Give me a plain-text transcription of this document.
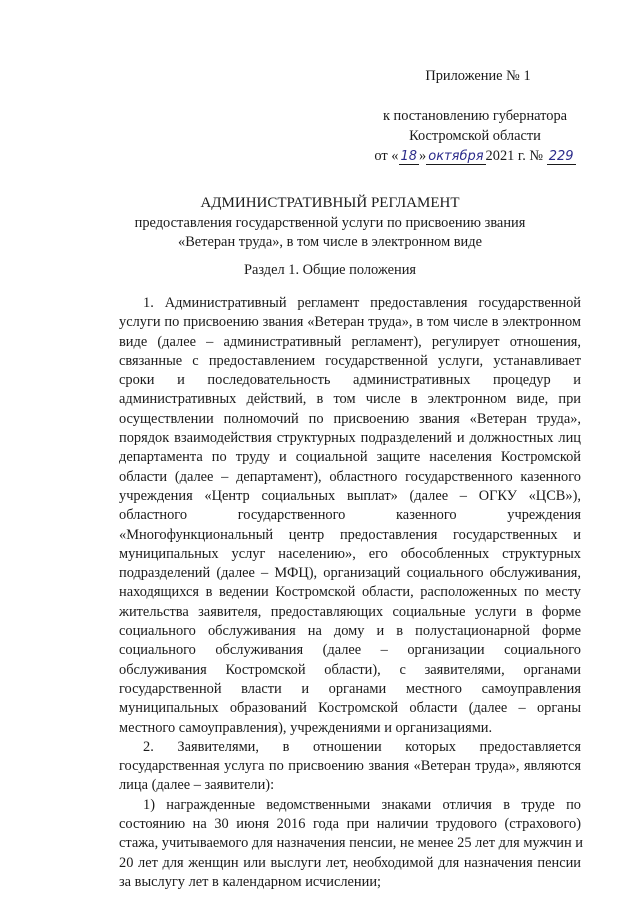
Приложение № 1
к постановлению губернатора
Костромской области
от « 18 » октября 2021 г. № 229
АДМИНИСТРАТИВНЫЙ РЕГЛАМЕНТ
предоставления государственной услуги по присвоению звания
«Ветеран труда», в том числе в электронном виде
Раздел 1. Общие положения
1. Административный регламент предоставления государственной
услуги по присвоению звания «Ветеран труда», в том числе в электронном
виде (далее – административный регламент), регулирует отношения,
связанные с предоставлением государственной услуги, устанавливает
сроки и последовательность административных процедур и
административных действий, в том числе в электронном виде, при
осуществлении полномочий по присвоению звания «Ветеран труда»,
порядок взаимодействия структурных подразделений и должностных лиц
департамента по труду и социальной защите населения Костромской
области (далее – департамент), областного государственного казенного
учреждения «Центр социальных выплат» (далее – ОГКУ «ЦСВ»),
областного государственного казенного учреждения
«Многофункциональный центр предоставления государственных и
муниципальных услуг населению», его обособленных структурных
подразделений (далее – МФЦ), организаций социального обслуживания,
находящихся в ведении Костромской области, расположенных по месту
жительства заявителя, предоставляющих социальные услуги в форме
социального обслуживания на дому и в полустационарной форме
социального обслуживания (далее – организации социального
обслуживания Костромской области), с заявителями, органами
государственной власти и органами местного самоуправления
муниципальных образований Костромской области (далее – органы
местного самоуправления), учреждениями и организациями.
2. Заявителями, в отношении которых предоставляется
государственная услуга по присвоению звания «Ветеран труда», являются
лица (далее – заявители):
1) награжденные ведомственными знаками отличия в труде по
состоянию на 30 июня 2016 года при наличии трудового (страхового)
стажа, учитываемого для назначения пенсии, не менее 25 лет для мужчин и
20 лет для женщин или выслуги лет, необходимой для назначения пенсии
за выслугу лет в календарном исчислении;
